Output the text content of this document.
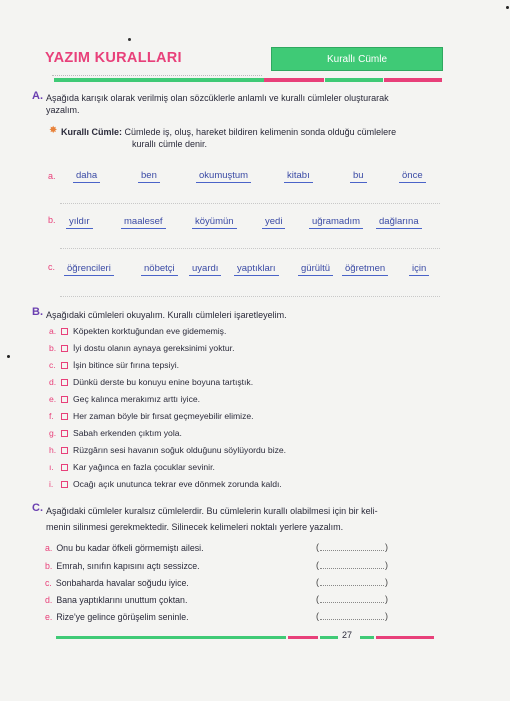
YAZIM KURALLARI	Kurallı Cümle
A. Aşağıda karışık olarak verilmiş olan sözcüklerle anlamlı ve kurallı cümleler oluşturarak
yazalım.
✸ Kurallı Cümle: Cümlede iş, oluş, hareket bildiren kelimenin sonda olduğu cümlelere
kurallı cümle denir.
a.	daha	ben	okumuştum	kitabı	bu	önce
b.	yıldır	maalesef	köyümün	yedi	uğramadım	dağlarına
c.	öğrencileri	nöbetçi	uyardı	yaptıkları	gürültü	öğretmen	için
B. Aşağıdaki cümleleri okuyalım. Kurallı cümleleri işaretleyelim.
a.	Köpekten korktuğundan eve gidememiş.
b.	İyi dostu olanın aynaya gereksinimi yoktur.
c.	İşin bitince sür fırına tepsiyi.
d.	Dünkü derste bu konuyu enine boyuna tartıştık.
e.	Geç kalınca merakımız arttı iyice.
f.	Her zaman böyle bir fırsat geçmeyebilir elimize.
g.	Sabah erkenden çıktım yola.
h.	Rüzgârın sesi havanın soğuk olduğunu söylüyordu bize.
ı.	Kar yağınca en fazla çocuklar sevinir.
i.	Ocağı açık unutunca tekrar eve dönmek zorunda kaldı.
C. Aşağıdaki cümleler kuralsız cümlelerdir. Bu cümlelerin kurallı olabilmesi için bir keli-
menin silinmesi gerekmektedir. Silinecek kelimeleri noktalı yerlere yazalım.
a. Onu bu kadar öfkeli görmemiştı ailesi.	(	)
b. Emrah, sınıfın kapısını açtı sessizce.	(	)
c. Sonbaharda havalar soğudu iyice.	(	)
d. Bana yaptıklarını unuttum çoktan.	(	)
e. Rize'ye gelince görüşelim seninle.	(	)
27
